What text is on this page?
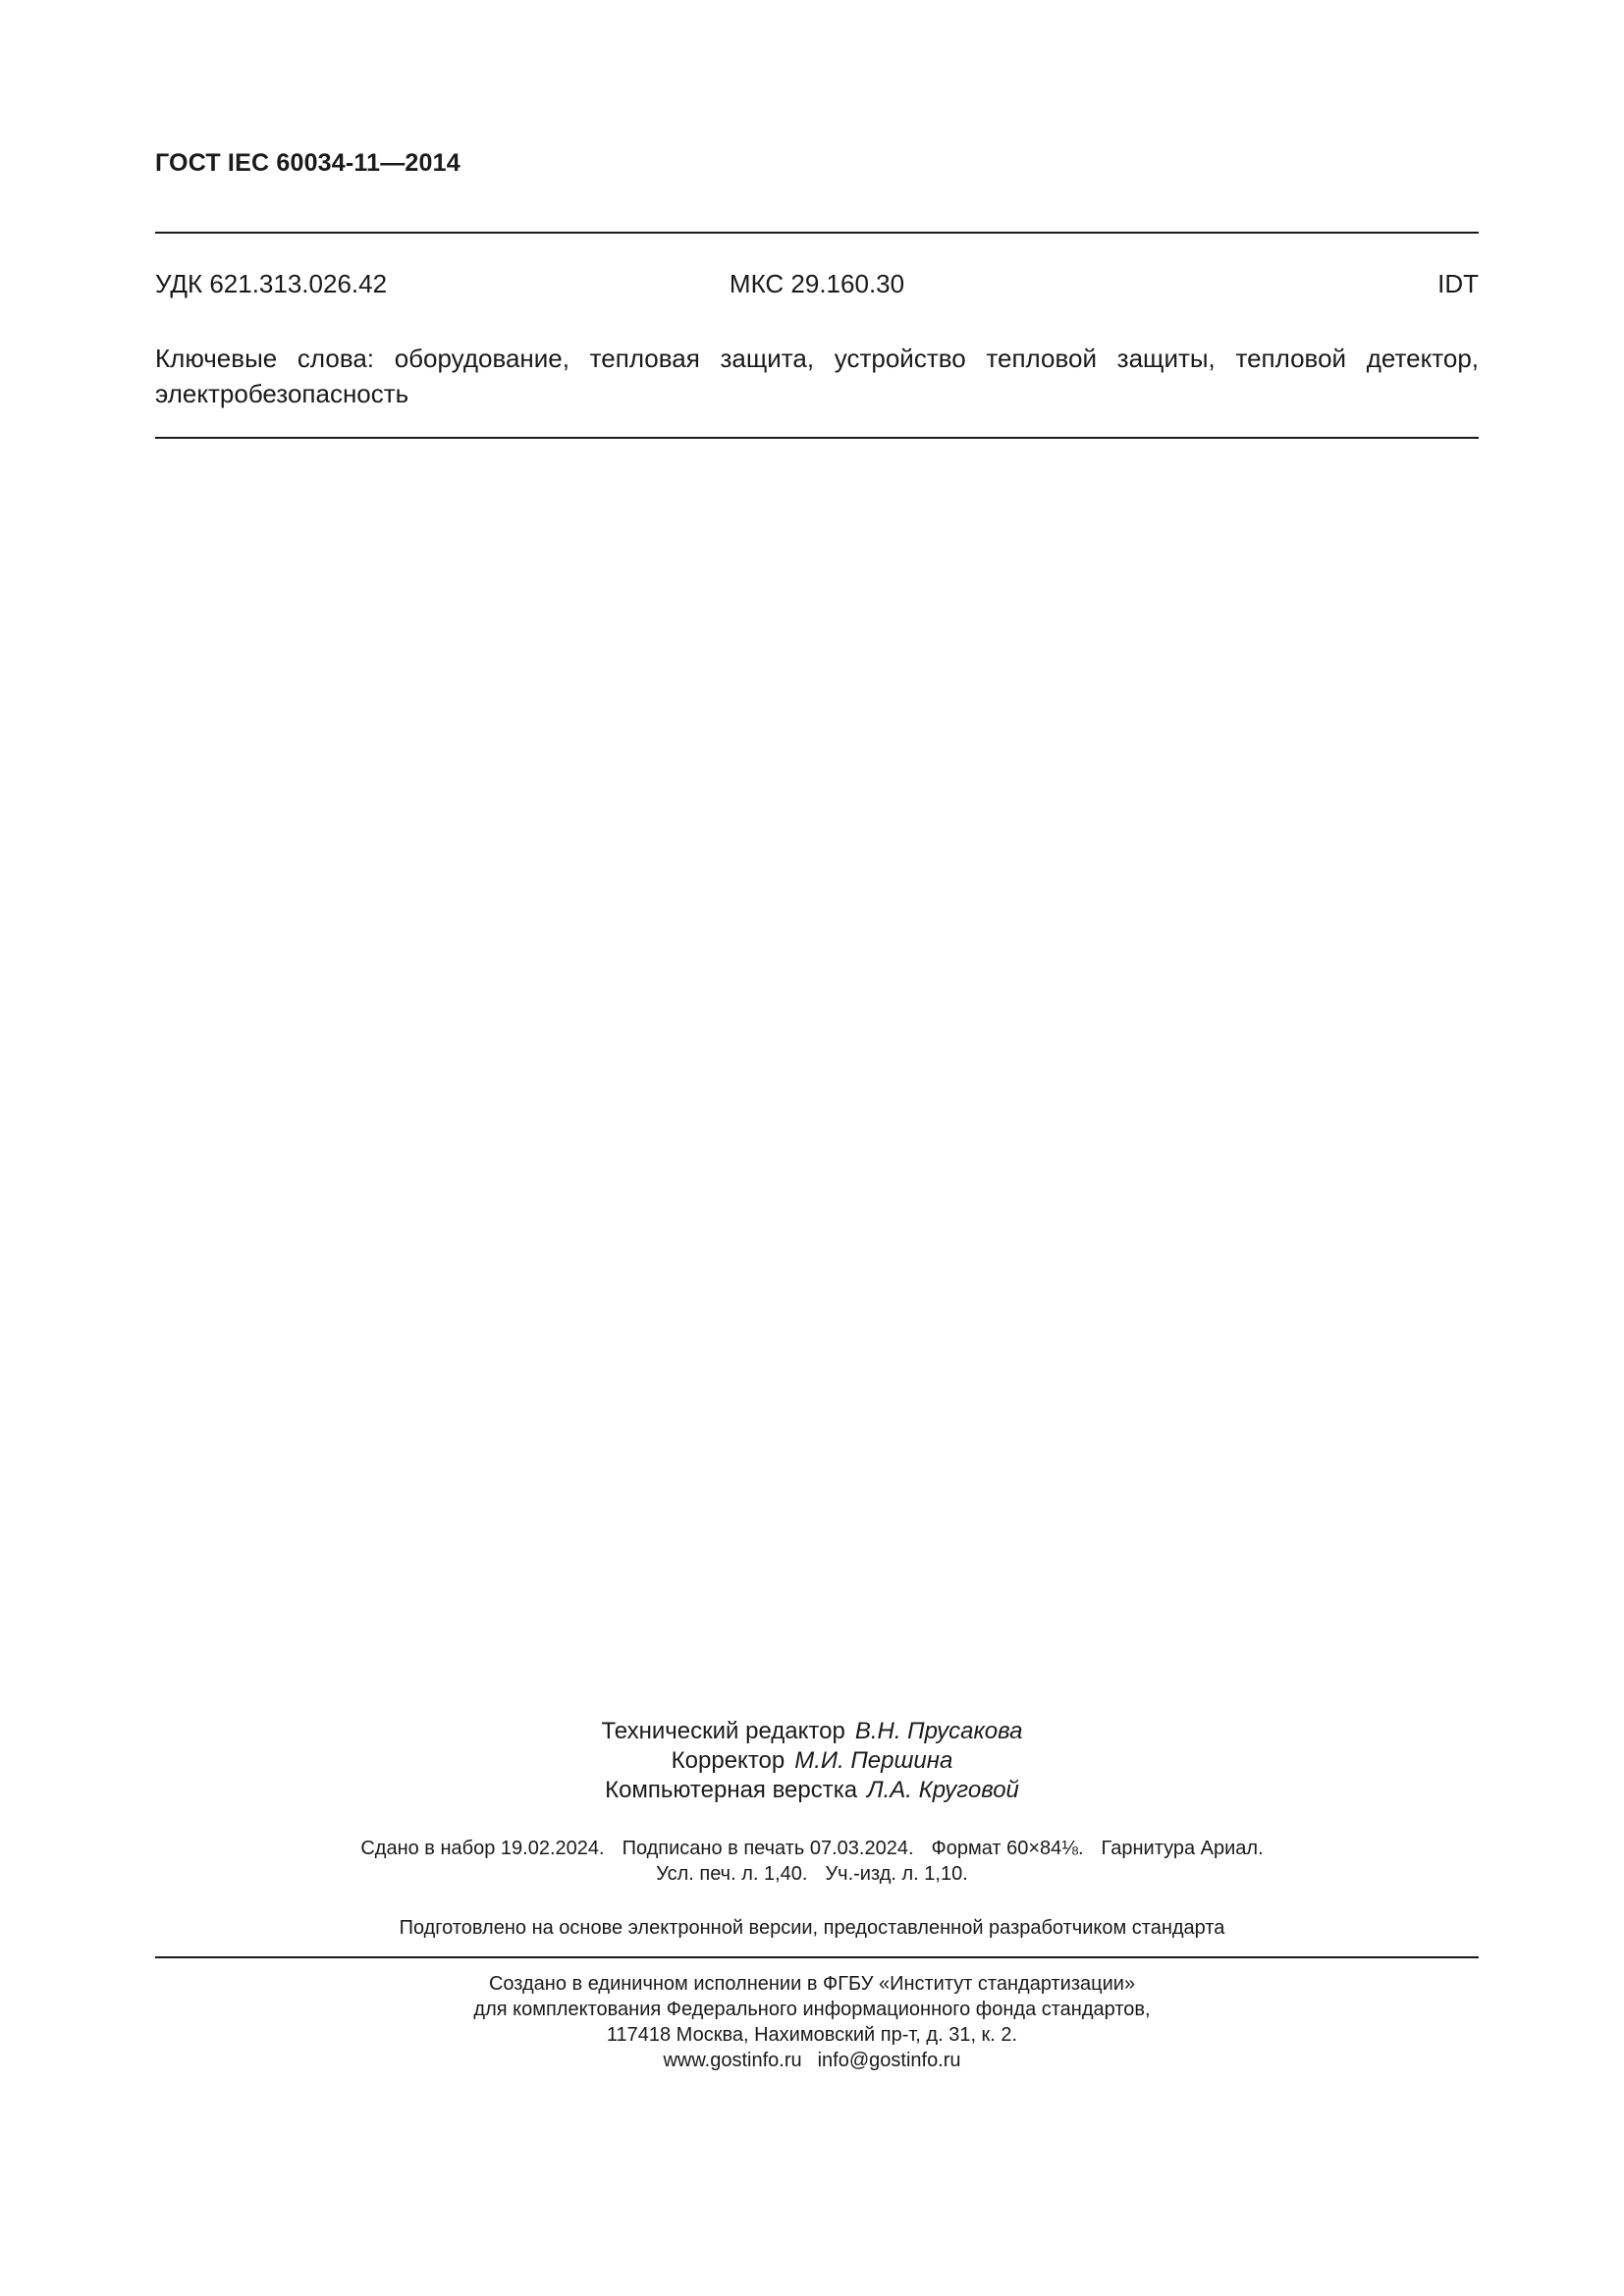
ГОСТ IEC 60034-11—2014
УДК 621.313.026.42	МКС 29.160.30	IDT
Ключевые слова: оборудование, тепловая защита, устройство тепловой защиты, тепловой детектор, электробезопасность
Технический редактор В.Н. Прусакова
Корректор М.И. Першина
Компьютерная верстка Л.А. Круговой
Сдано в набор 19.02.2024. Подписано в печать 07.03.2024. Формат 60×84⅛. Гарнитура Ариал.
Усл. печ. л. 1,40. Уч.-изд. л. 1,10.
Подготовлено на основе электронной версии, предоставленной разработчиком стандарта
Создано в единичном исполнении в ФГБУ «Институт стандартизации»
для комплектования Федерального информационного фонда стандартов,
117418 Москва, Нахимовский пр-т, д. 31, к. 2.
www.gostinfo.ru info@gostinfo.ru
